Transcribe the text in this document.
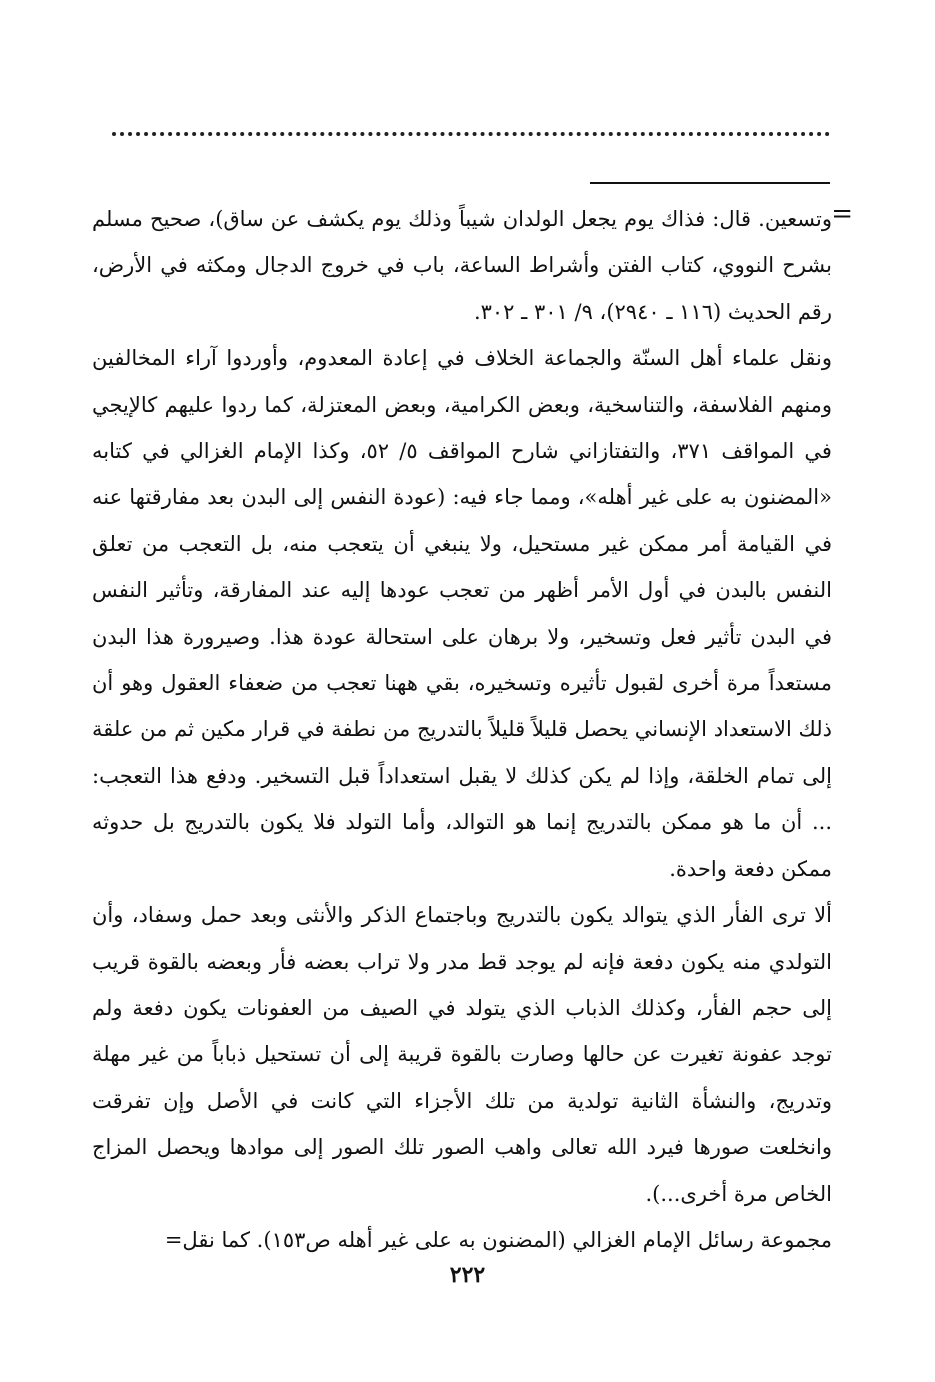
=

وتسعين. قال: فذاك يوم يجعل الولدان شيباً وذلك يوم يكشف عن ساق)، صحيح مسلم بشرح النووي، كتاب الفتن وأشراط الساعة، باب في خروج الدجال ومكثه في الأرض، رقم الحديث (١١٦ ـ ٢٩٤٠)، ٩/ ٣٠١ ـ ٣٠٢.

ونقل علماء أهل السنّة والجماعة الخلاف في إعادة المعدوم، وأوردوا آراء المخالفين ومنهم الفلاسفة، والتناسخية، وبعض الكرامية، وبعض المعتزلة، كما ردوا عليهم كالإيجي في المواقف ٣٧١، والتفتازاني شارح المواقف ٥/ ٥٢، وكذا الإمام الغزالي في كتابه «المضنون به على غير أهله»، ومما جاء فيه: (عودة النفس إلى البدن بعد مفارقتها عنه في القيامة أمر ممكن غير مستحيل، ولا ينبغي أن يتعجب منه، بل التعجب من تعلق النفس بالبدن في أول الأمر أظهر من تعجب عودها إليه عند المفارقة، وتأثير النفس في البدن تأثير فعل وتسخير، ولا برهان على استحالة عودة هذا. وصيرورة هذا البدن مستعداً مرة أخرى لقبول تأثيره وتسخيره، بقي ههنا تعجب من ضعفاء العقول وهو أن ذلك الاستعداد الإنساني يحصل قليلاً قليلاً بالتدريج من نطفة في قرار مكين ثم من علقة إلى تمام الخلقة، وإذا لم يكن كذلك لا يقبل استعداداً قبل التسخير. ودفع هذا التعجب: ... أن ما هو ممكن بالتدريج إنما هو التوالد، وأما التولد فلا يكون بالتدريج بل حدوثه ممكن دفعة واحدة.

ألا ترى الفأر الذي يتوالد يكون بالتدريج وباجتماع الذكر والأنثى وبعد حمل وسفاد، وأن التولدي منه يكون دفعة فإنه لم يوجد قط مدر ولا تراب بعضه فأر وبعضه بالقوة قريب إلى حجم الفأر، وكذلك الذباب الذي يتولد في الصيف من العفونات يكون دفعة ولم توجد عفونة تغيرت عن حالها وصارت بالقوة قريبة إلى أن تستحيل ذباباً من غير مهلة وتدريج، والنشأة الثانية تولدية من تلك الأجزاء التي كانت في الأصل وإن تفرقت وانخلعت صورها فيرد الله تعالى واهب الصور تلك الصور إلى موادها ويحصل المزاج الخاص مرة أخرى...).

مجموعة رسائل الإمام الغزالي (المضنون به على غير أهله ص١٥٣). كما نقل=

٢٢٢
